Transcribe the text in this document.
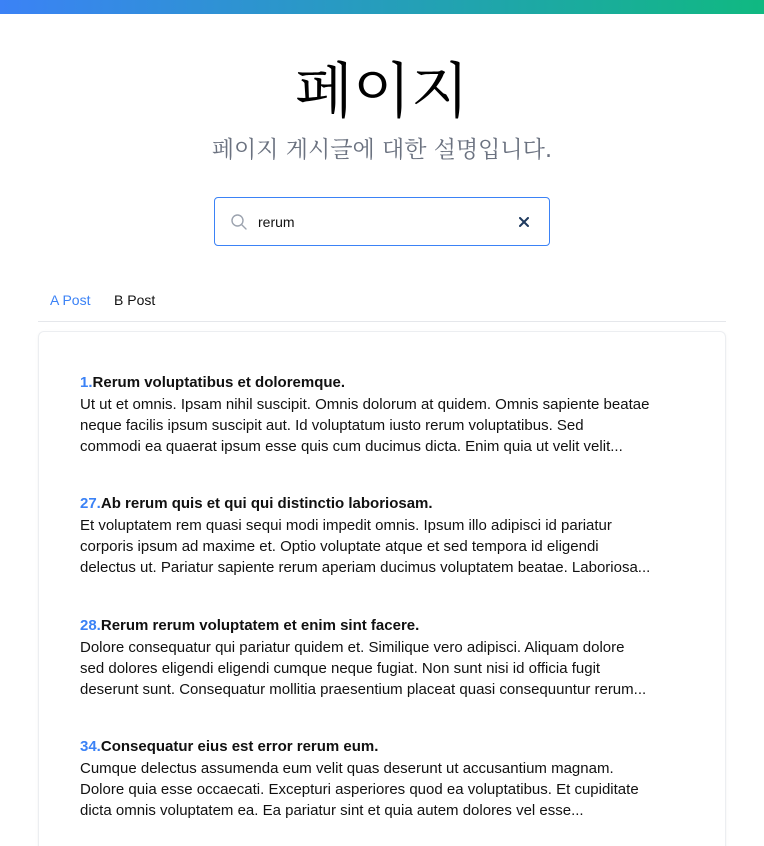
페이지

페이지 게시글에 대한 설명입니다.

rerum
A Post B Post
1.Rerum voluptatibus et doloremque.
Ut ut et omnis. Ipsam nihil suscipit. Omnis dolorum at quidem. Omnis sapiente beatae
neque facilis ipsum suscipit aut. Id voluptatum iusto rerum voluptatibus. Sed
commodi ea quaerat ipsum esse quis cum ducimus dicta. Enim quia ut velit velit...
27.Ab rerum quis et qui qui distinctio laboriosam.
Et voluptatem rem quasi sequi modi impedit omnis. Ipsum illo adipisci id pariatur
corporis ipsum ad maxime et. Optio voluptate atque et sed tempora id eligendi
delectus ut. Pariatur sapiente rerum aperiam ducimus voluptatem beatae. Laboriosa...
28.Rerum rerum voluptatem et enim sint facere.
Dolore consequatur qui pariatur quidem et. Similique vero adipisci. Aliquam dolore
sed dolores eligendi eligendi cumque neque fugiat. Non sunt nisi id officia fugit
deserunt sunt. Consequatur mollitia praesentium placeat quasi consequuntur rerum...
34.Consequatur eius est error rerum eum.
Cumque delectus assumenda eum velit quas deserunt ut accusantium magnam.
Dolore quia esse occaecati. Excepturi asperiores quod ea voluptatibus. Et cupiditate
dicta omnis voluptatem ea. Ea pariatur sint et quia autem dolores vel esse...
